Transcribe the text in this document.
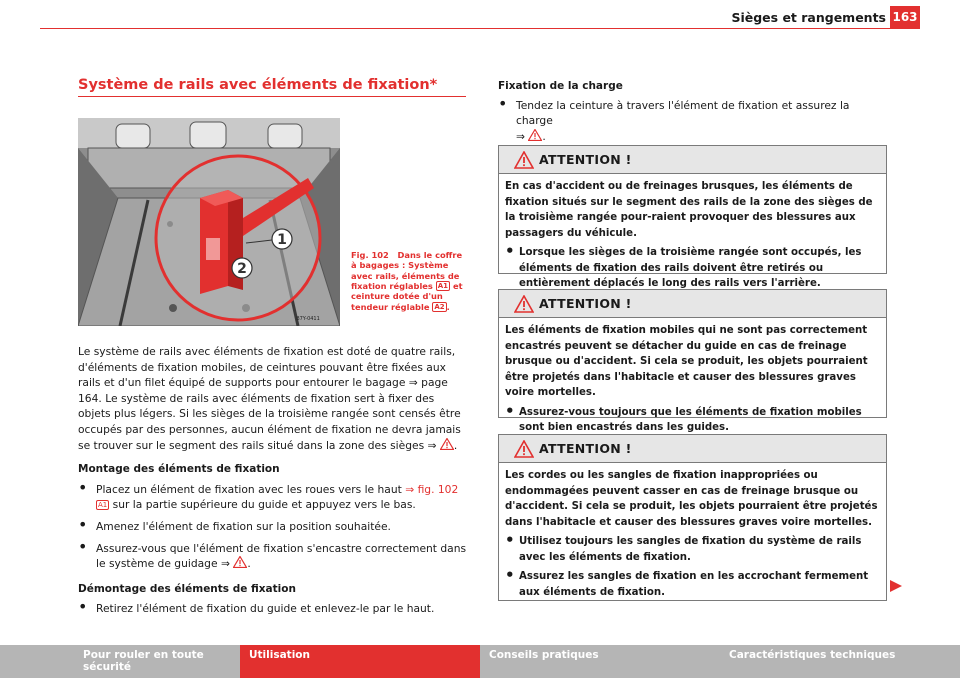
Sièges et rangements 163
Système de rails avec éléments de fixation*
1
2
B7Y-0411
Fig. 102 Dans le coffre à bagages : Système avec rails, éléments de fixation réglables A1 et ceinture dotée d'un tendeur réglable A2 .

Le système de rails avec éléments de fixation est doté de quatre rails, d'éléments de fixation mobiles, de ceintures pouvant être fixées aux rails et d'un filet équipé de supports pour entourer le bagage ⇒ page 164. Le système de rails avec éléments de fixation sert à fixer des objets plus légers. Si les sièges de la troisième rangée sont censés être occupés par des personnes, aucun élément de fixation ne devra jamais se trouver sur le segment des rails situé dans la zone des sièges ⇒ .

Montage des éléments de fixation

• Placez un élément de fixation avec les roues vers le haut ⇒ fig. 102 A1 sur la partie supérieure du guide et appuyez vers le bas.

• Amenez l'élément de fixation sur la position souhaitée.

• Assurez-vous que l'élément de fixation s'encastre correctement dans le système de guidage ⇒ .

Démontage des éléments de fixation

• Retirez l'élément de fixation du guide et enlevez-le par le haut.

Fixation de la charge

• Tendez la ceinture à travers l'élément de fixation et assurez la charge
⇒ .

ATTENTION !

En cas d'accident ou de freinages brusques, les éléments de fixation situés sur le segment des rails de la zone des sièges de la troisième rangée pour-raient provoquer des blessures aux passagers du véhicule.

• Lorsque les sièges de la troisième rangée sont occupés, les éléments de fixation des rails doivent être retirés ou entièrement déplacés le long des rails vers l'arrière.

ATTENTION !

Les éléments de fixation mobiles qui ne sont pas correctement encastrés peuvent se détacher du guide en cas de freinage brusque ou d'accident. Si cela se produit, les objets pourraient être projetés dans l'habitacle et causer des blessures graves voire mortelles.

• Assurez-vous toujours que les éléments de fixation mobiles sont bien encastrés dans les guides.

ATTENTION !

Les cordes ou les sangles de fixation inappropriées ou endommagées peuvent casser en cas de freinage brusque ou d'accident. Si cela se produit, les objets pourraient être projetés dans l'habitacle et causer des blessures graves voire mortelles.

• Utilisez toujours les sangles de fixation du système de rails avec les éléments de fixation.

• Assurez les sangles de fixation en les accrochant fermement aux éléments de fixation.

Pour rouler en toute sécurité
Utilisation	Conseils pratiques	Caractéristiques techniques
